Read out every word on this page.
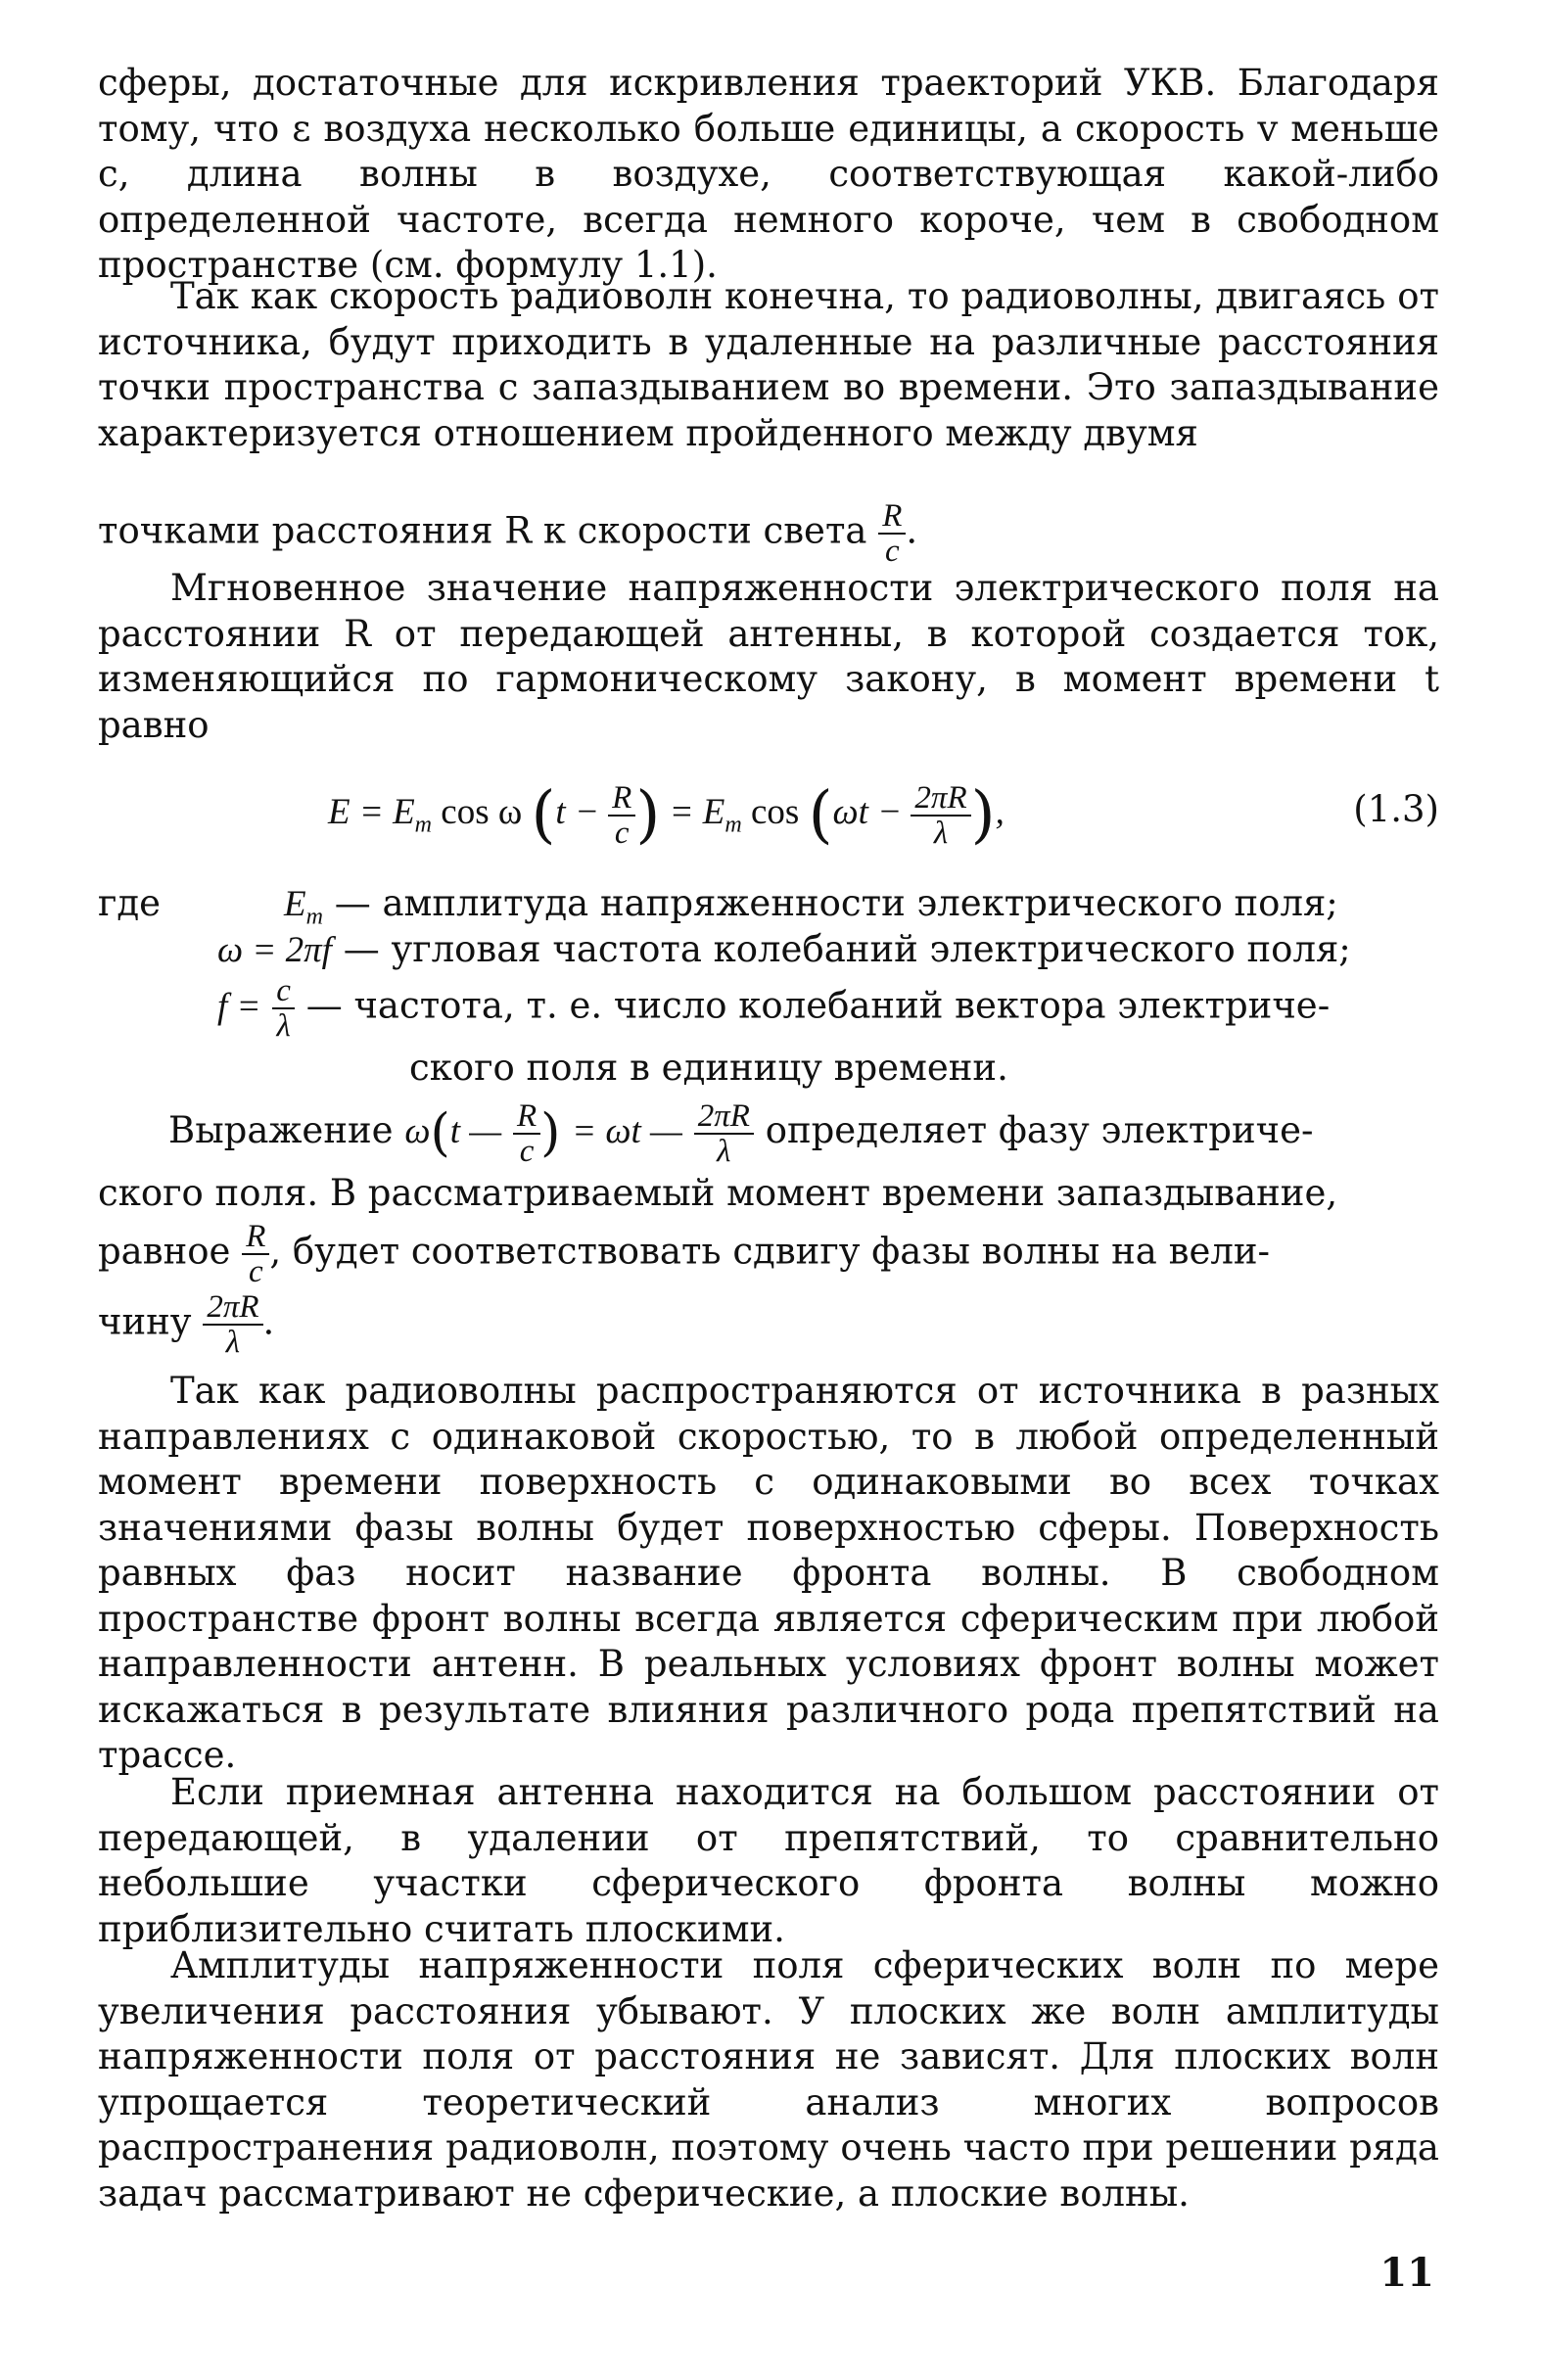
сферы, достаточные для искривления траекторий УКВ. Благодаря тому, что ε воздуха несколько больше единицы, а скорость v меньше c, длина волны в воздухе, соответствующая какой-либо определенной частоте, всегда немного короче, чем в свободном пространстве (см. формулу 1.1).

Так как скорость радиоволн конечна, то радиоволны, двигаясь от источника, будут приходить в удаленные на различные расстояния точки пространства с запаздыванием во времени. Это запаздывание характеризуется отношением пройденного между двумя

точками расстояния R к скорости света $\frac{R}{c}$ .

Мгновенное значение напряженности электрического поля на расстоянии R от передающей антенны, в которой создается ток, изменяющийся по гармоническому закону, в момент времени t равно

$E = E_m$ cos ω ($t - \frac{R}{c}$ ) = $E_m$ $\cos (\omega t - \frac{2\pi R}{\lambda}$ ),	(1.3)
где	$E_m$ — амплитуда напряженности электрического поля;
ω = 2πf — угловая частота колебаний электрического поля;
$f = \frac{c}{\lambda}$ — частота, т. е. число колебаний вектора электриче-
ского поля в единицу времени.
Выражение ω(t — $\frac{R}{c}$ ) = ωt — $\frac{2\pi R}{\lambda}$ определяет фазу электриче-
ского поля. В рассматриваемый момент времени запаздывание,
равное $\frac{R}{c}$ , будет соответствовать сдвигу фазы волны на вели-
чину $\frac{2\pi R}{\lambda}$ .

Так как радиоволны распространяются от источника в разных направлениях с одинаковой скоростью, то в любой определенный момент времени поверхность с одинаковыми во всех точках значениями фазы волны будет поверхностью сферы. Поверхность равных фаз носит название фронта волны. В свободном пространстве фронт волны всегда является сферическим при любой направленности антенн. В реальных условиях фронт волны может искажаться в результате влияния различного рода препятствий на трассе.

Если приемная антенна находится на большом расстоянии от передающей, в удалении от препятствий, то сравнительно небольшие участки сферического фронта волны можно приблизительно считать плоскими.

Амплитуды напряженности поля сферических волн по мере увеличения расстояния убывают. У плоских же волн амплитуды напряженности поля от расстояния не зависят. Для плоских волн упрощается теоретический анализ многих вопросов распространения радиоволн, поэтому очень часто при решении ряда задач рассматривают не сферические, а плоские волны.

11
